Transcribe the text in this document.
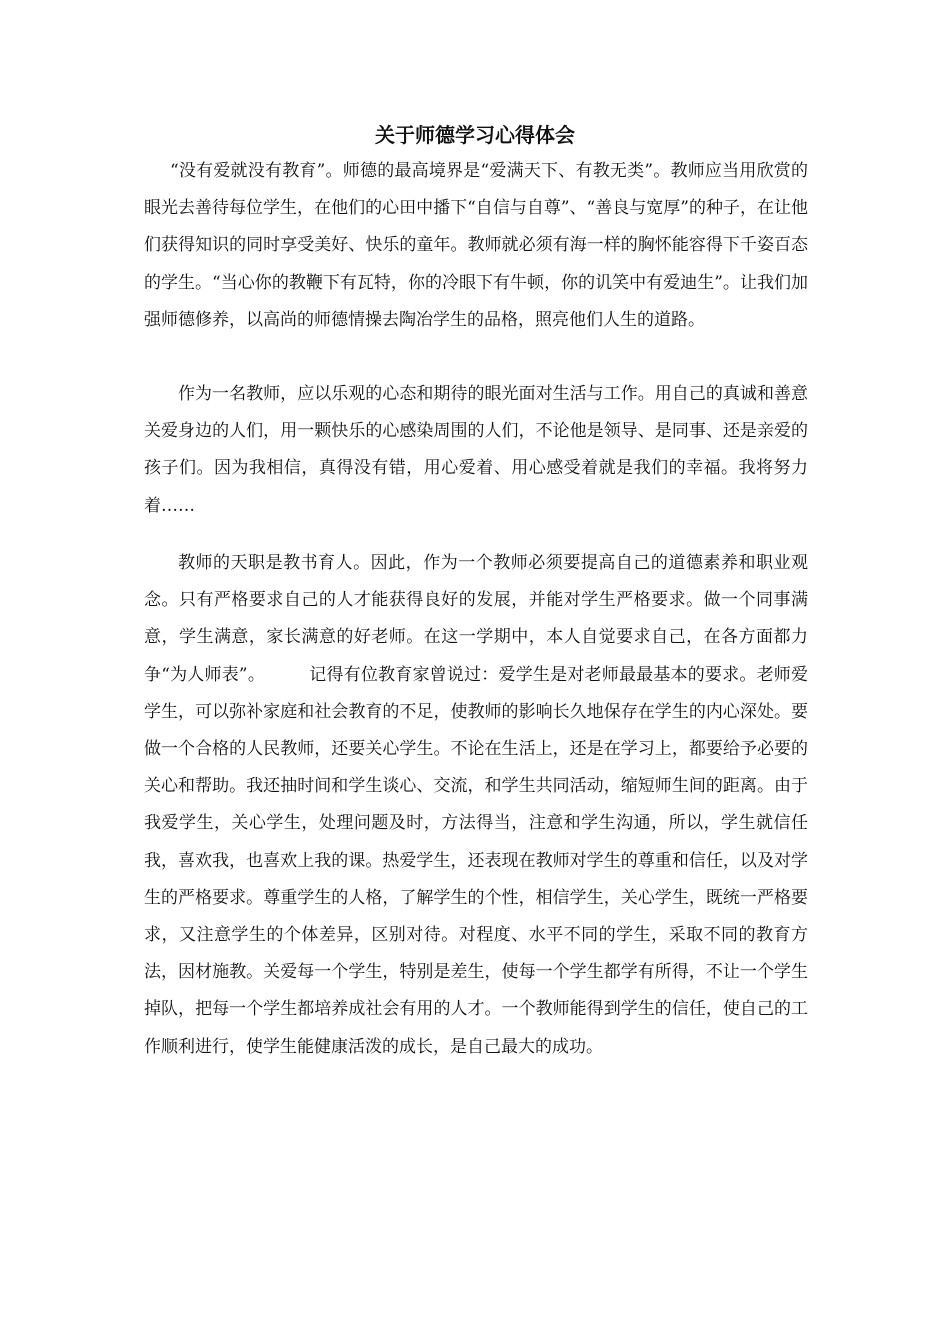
关于师德学习心得体会

“没有爱就没有教育”。师德的最高境界是“爱满天下、有教无类”。教师应当用欣赏的眼光去善待每位学生，在他们的心田中播下“自信与自尊”、“善良与宽厚”的种子，在让他们获得知识的同时享受美好、快乐的童年。教师就必须有海一样的胸怀能容得下千姿百态的学生。“当心你的教鞭下有瓦特，你的冷眼下有牛顿，你的讥笑中有爱迪生”。让我们加强师德修养，以高尚的师德情操去陶冶学生的品格，照亮他们人生的道路。

作为一名教师，应以乐观的心态和期待的眼光面对生活与工作。用自己的真诚和善意关爱身边的人们，用一颗快乐的心感染周围的人们，不论他是领导、是同事、还是亲爱的孩子们。因为我相信，真得没有错，用心爱着、用心感受着就是我们的幸福。我将努力着……

教师的天职是教书育人。因此，作为一个教师必须要提高自己的道德素养和职业观念。只有严格要求自己的人才能获得良好的发展，并能对学生严格要求。做一个同事满意，学生满意，家长满意的好老师。在这一学期中，本人自觉要求自己，在各方面都力争“为人师表”。	记得有位教育家曾说过：爱学生是对老师最最基本的要求。老师爱学生，可以弥补家庭和社会教育的不足，使教师的影响长久地保存在学生的内心深处。要做一个合格的人民教师，还要关心学生。不论在生活上，还是在学习上，都要给予必要的关心和帮助。我还抽时间和学生谈心、交流，和学生共同活动，缩短师生间的距离。由于我爱学生，关心学生，处理问题及时，方法得当，注意和学生沟通，所以，学生就信任我，喜欢我，也喜欢上我的课。热爱学生，还表现在教师对学生的尊重和信任，以及对学生的严格要求。尊重学生的人格，了解学生的个性，相信学生，关心学生，既统一严格要求，又注意学生的个体差异，区别对待。对程度、水平不同的学生，采取不同的教育方法，因材施教。关爱每一个学生，特别是差生，使每一个学生都学有所得，不让一个学生掉队，把每一个学生都培养成社会有用的人才。一个教师能得到学生的信任，使自己的工作顺利进行，使学生能健康活泼的成长，是自己最大的成功。
